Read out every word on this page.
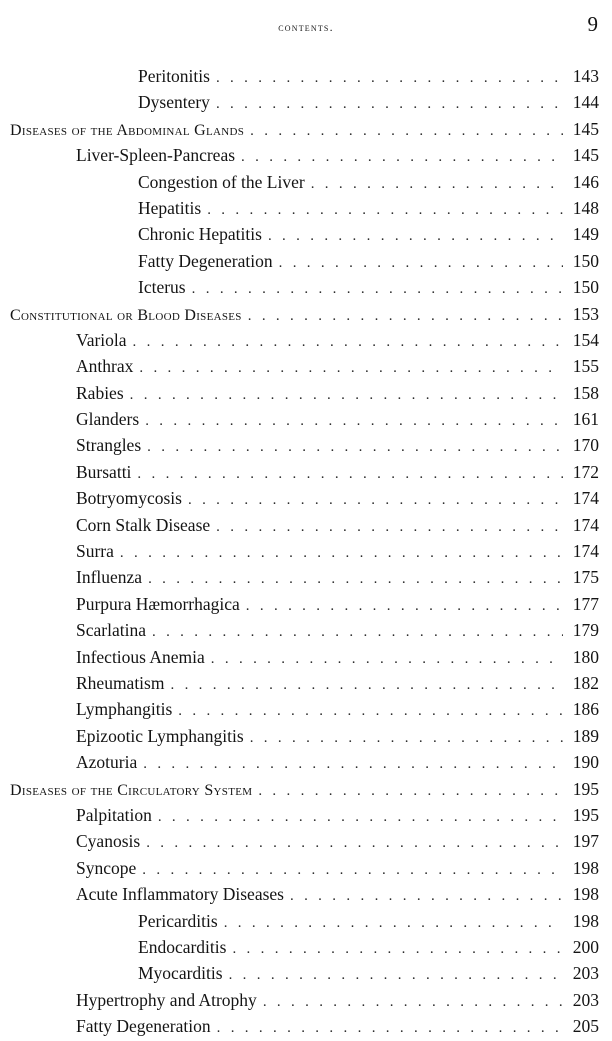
contents.	9
Peritonitis . . .	143
Dysentery . . .	144
Diseases of the Abdominal Glands . . .	145
Liver-Spleen-Pancreas . . .	145
Congestion of the Liver . . .	146
Hepatitis . . .	148
Chronic Hepatitis . . .	149
Fatty Degeneration . . .	150
Icterus . . .	150
Constitutional or Blood Diseases . . .	153
Variola . . .	154
Anthrax . . .	155
Rabies . . .	158
Glanders . . .	161
Strangles . . .	170
Bursatti . . .	172
Botryomycosis . . .	174
Corn Stalk Disease . . .	174
Surra . . .	174
Influenza . . .	175
Purpura Hæmorrhagica . . .	177
Scarlatina . . .	179
Infectious Anemia . . .	180
Rheumatism . . .	182
Lymphangitis . . .	186
Epizootic Lymphangitis . . .	189
Azoturia . . .	190
Diseases of the Circulatory System . . .	195
Palpitation . . .	195
Cyanosis . . .	197
Syncope . . .	198
Acute Inflammatory Diseases . . .	198
Pericarditis . . .	198
Endocarditis . . .	200
Myocarditis . . .	203
Hypertrophy and Atrophy . . .	203
Fatty Degeneration . . .	205
